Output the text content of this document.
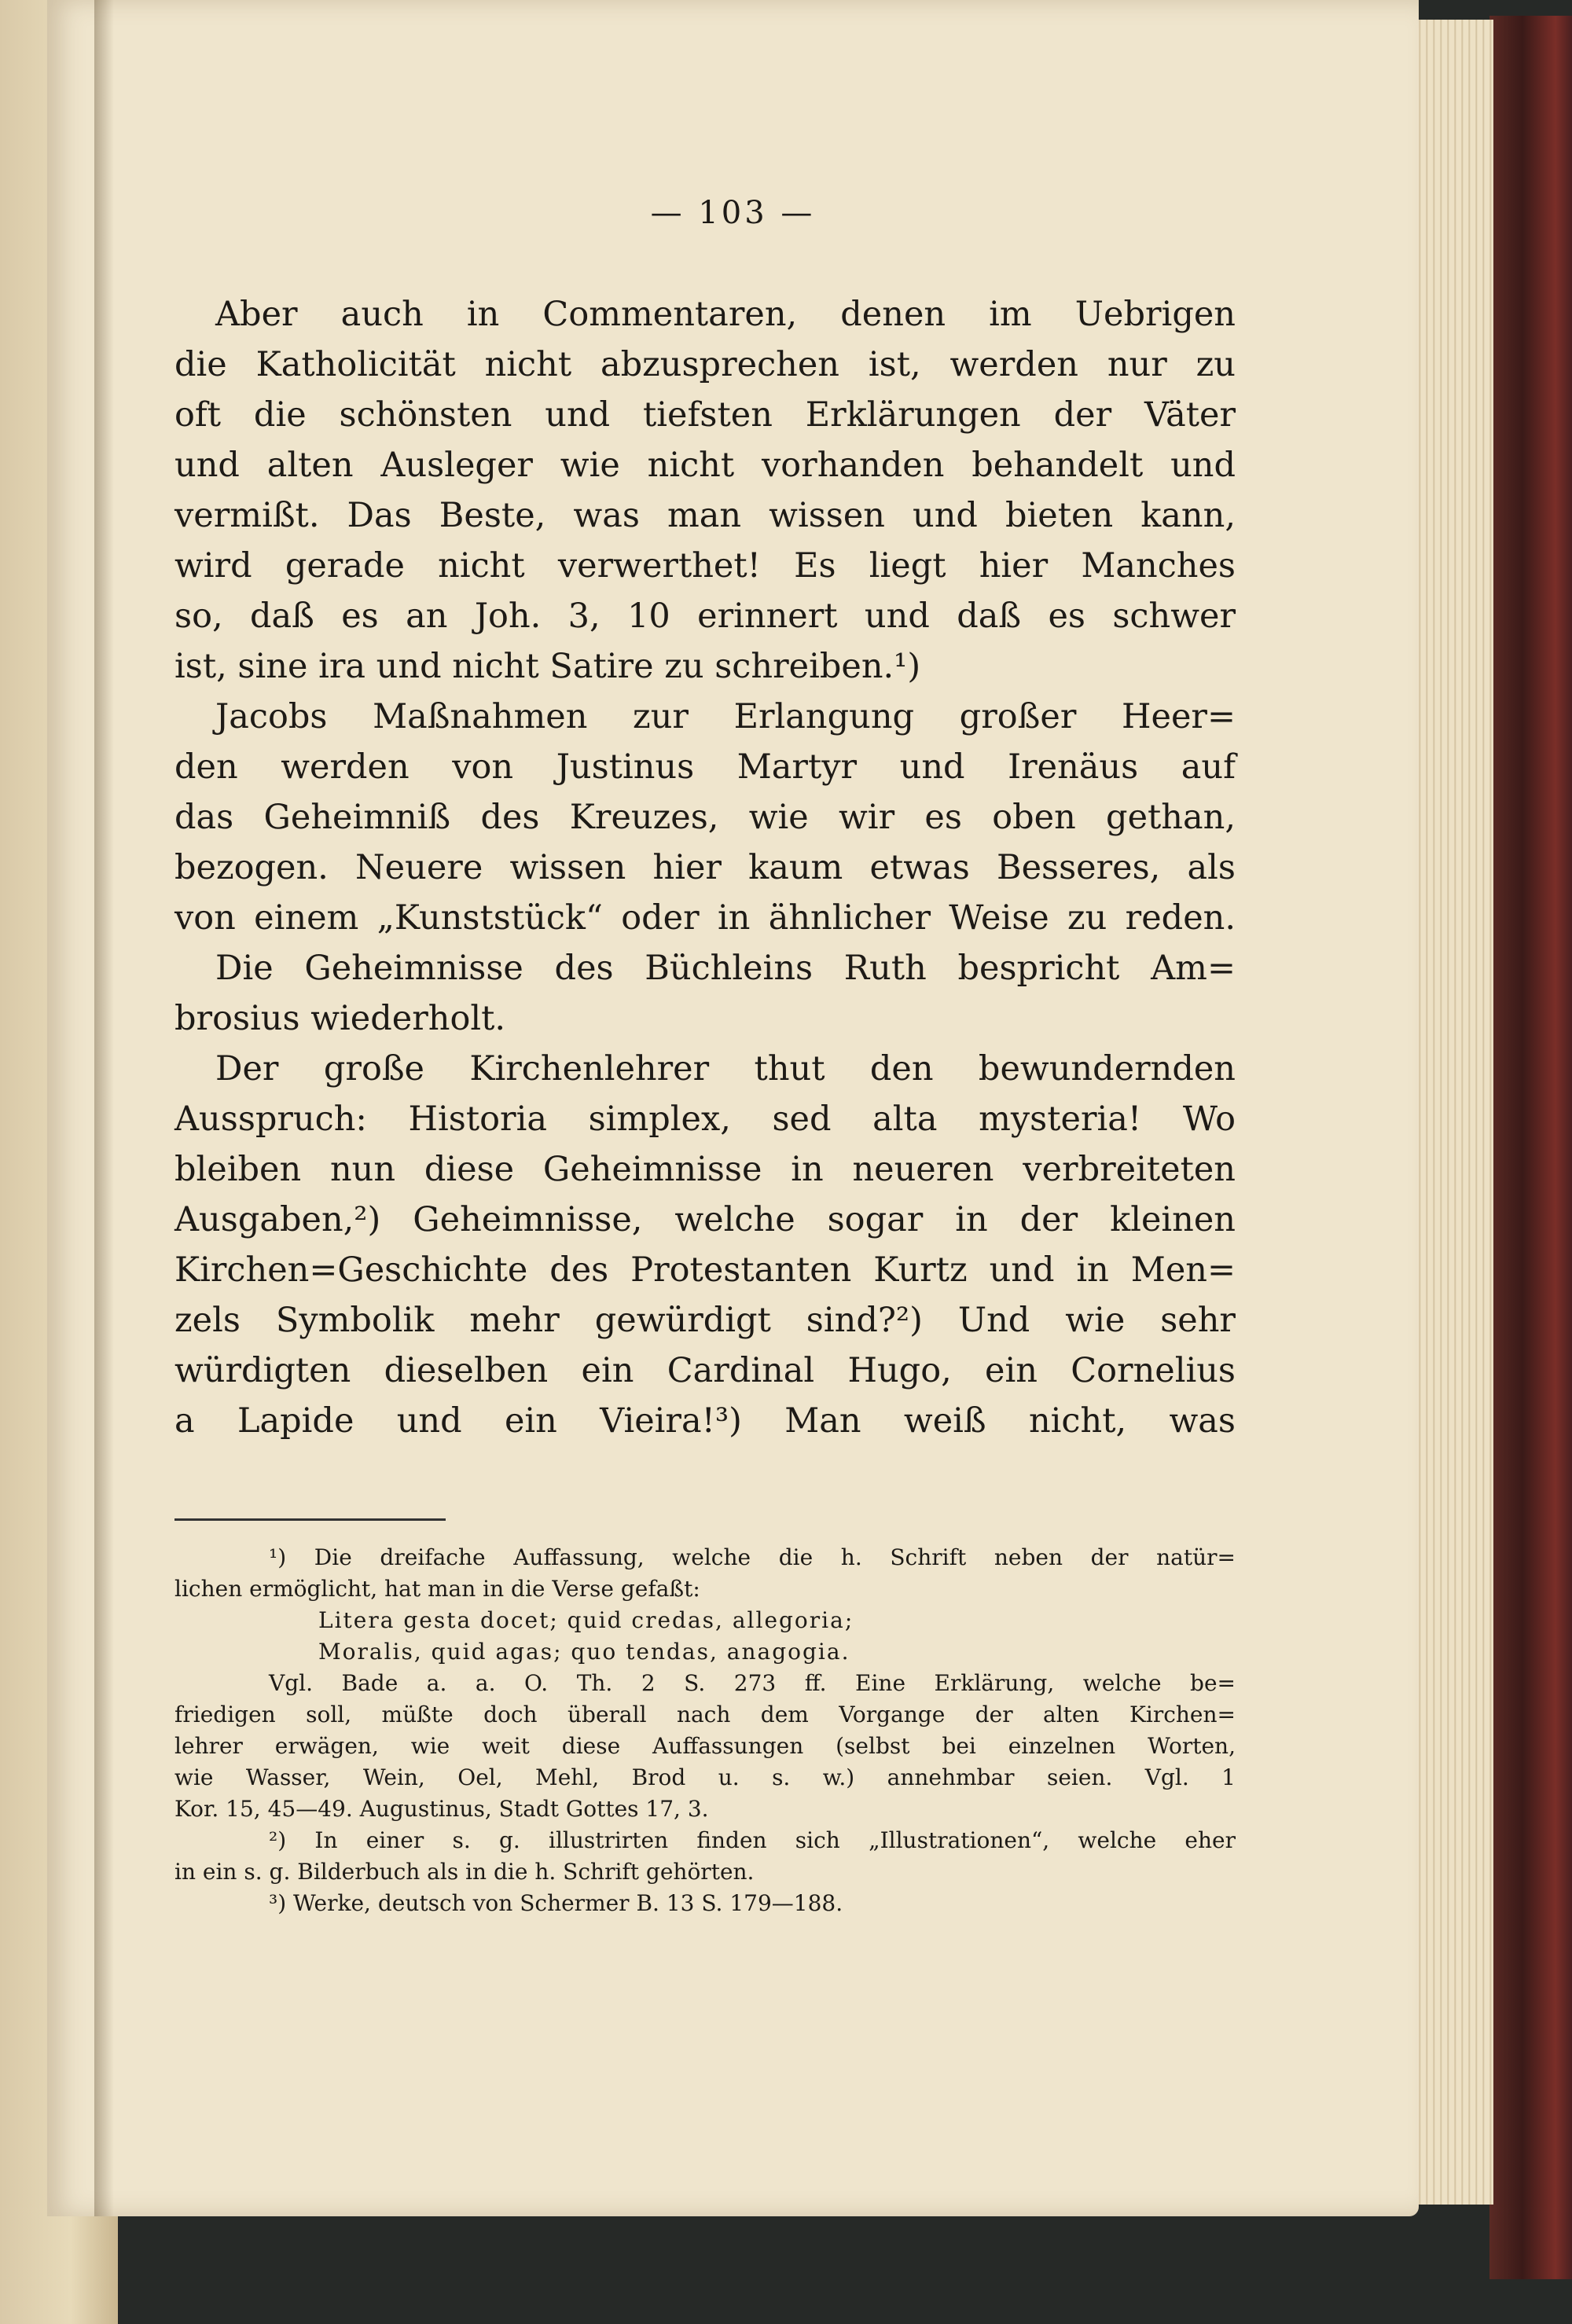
— 103 —
Aber auch in Commentaren, denen im Uebrigen
die Katholicität nicht abzusprechen ist, werden nur zu
oft die schönsten und tiefsten Erklärungen der Väter
und alten Ausleger wie nicht vorhanden behandelt und
vermißt. Das Beste, was man wissen und bieten kann,
wird gerade nicht verwerthet! Es liegt hier Manches
so, daß es an Joh. 3, 10 erinnert und daß es schwer
ist, sine ira und nicht Satire zu schreiben.¹)
Jacobs Maßnahmen zur Erlangung großer Heer=
den werden von Justinus Martyr und Irenäus auf
das Geheimniß des Kreuzes, wie wir es oben gethan,
bezogen. Neuere wissen hier kaum etwas Besseres, als
von einem „Kunststück“ oder in ähnlicher Weise zu reden.
Die Geheimnisse des Büchleins Ruth bespricht Am=
brosius wiederholt.
Der große Kirchenlehrer thut den bewundernden
Ausspruch: Historia simplex, sed alta mysteria! Wo
bleiben nun diese Geheimnisse in neueren verbreiteten
Ausgaben,²) Geheimnisse, welche sogar in der kleinen
Kirchen=Geschichte des Protestanten Kurtz und in Men=
zels Symbolik mehr gewürdigt sind?²) Und wie sehr
würdigten dieselben ein Cardinal Hugo, ein Cornelius
a Lapide und ein Vieira!³) Man weiß nicht, was
¹) Die dreifache Auffassung, welche die h. Schrift neben der natür=
lichen ermöglicht, hat man in die Verse gefaßt:
Litera gesta docet; quid credas, allegoria;
Moralis, quid agas; quo tendas, anagogia.
Vgl. Bade a. a. O. Th. 2 S. 273 ff. Eine Erklärung, welche be=
friedigen soll, müßte doch überall nach dem Vorgange der alten Kirchen=
lehrer erwägen, wie weit diese Auffassungen (selbst bei einzelnen Worten,
wie Wasser, Wein, Oel, Mehl, Brod u. s. w.) annehmbar seien. Vgl. 1
Kor. 15, 45—49. Augustinus, Stadt Gottes 17, 3.
²) In einer s. g. illustrirten finden sich „Illustrationen“, welche eher
in ein s. g. Bilderbuch als in die h. Schrift gehörten.
³) Werke, deutsch von Schermer B. 13 S. 179—188.
